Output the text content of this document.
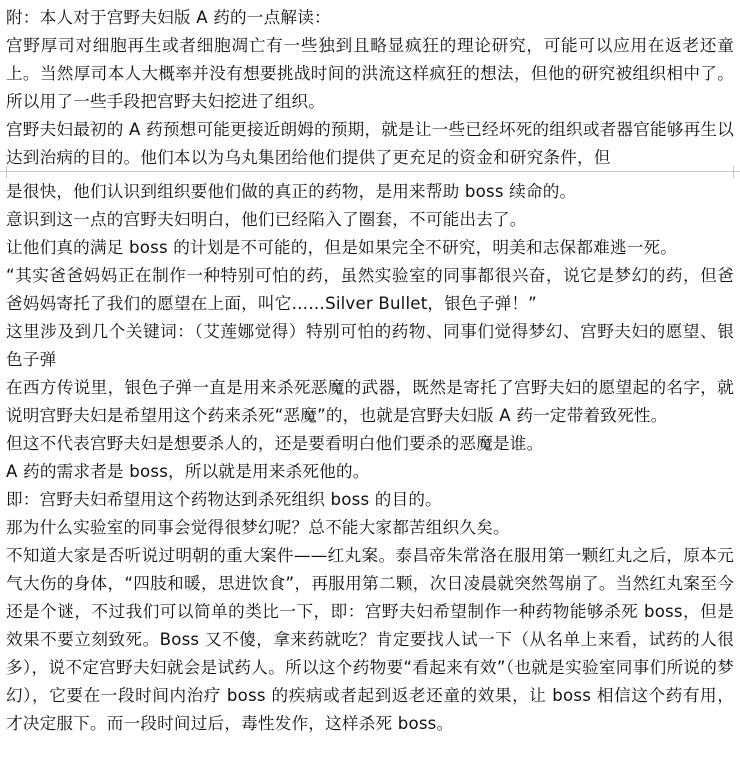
附：本人对于宫野夫妇版 A 药的一点解读：

宫野厚司对细胞再生或者细胞凋亡有一些独到且略显疯狂的理论研究，可能可以应用在返老还童上。当然厚司本人大概率并没有想要挑战时间的洪流这样疯狂的想法，但他的研究被组织相中了。所以用了一些手段把宫野夫妇挖进了组织。

宫野夫妇最初的 A 药预想可能更接近朗姆的预期，就是让一些已经坏死的组织或者器官能够再生以达到治病的目的。他们本以为乌丸集团给他们提供了更充足的资金和研究条件，但

是很快，他们认识到组织要他们做的真正的药物，是用来帮助 boss 续命的。

意识到这一点的宫野夫妇明白，他们已经陷入了圈套，不可能出去了。

让他们真的满足 boss 的计划是不可能的，但是如果完全不研究，明美和志保都难逃一死。

“其实爸爸妈妈正在制作一种特别可怕的药，虽然实验室的同事都很兴奋，说它是梦幻的药，但爸爸妈妈寄托了我们的愿望在上面，叫它……Silver Bullet，银色子弹！”

这里涉及到几个关键词：（艾莲娜觉得）特别可怕的药物、同事们觉得梦幻、宫野夫妇的愿望、银色子弹

在西方传说里，银色子弹一直是用来杀死恶魔的武器，既然是寄托了宫野夫妇的愿望起的名字，就说明宫野夫妇是希望用这个药来杀死“恶魔”的，也就是宫野夫妇版 A 药一定带着致死性。

但这不代表宫野夫妇是想要杀人的，还是要看明白他们要杀的恶魔是谁。

A 药的需求者是 boss，所以就是用来杀死他的。

即：宫野夫妇希望用这个药物达到杀死组织 boss 的目的。

那为什么实验室的同事会觉得很梦幻呢？总不能大家都苦组织久矣。

不知道大家是否听说过明朝的重大案件——红丸案。泰昌帝朱常洛在服用第一颗红丸之后，原本元气大伤的身体，“四肢和暖，思进饮食”，再服用第二颗，次日凌晨就突然驾崩了。当然红丸案至今还是个谜，不过我们可以简单的类比一下，即：宫野夫妇希望制作一种药物能够杀死 boss，但是效果不要立刻致死。Boss 又不傻，拿来药就吃？肯定要找人试一下（从名单上来看，试药的人很多），说不定宫野夫妇就会是试药人。所以这个药物要“看起来有效”（也就是实验室同事们所说的梦幻），它要在一段时间内治疗 boss 的疾病或者起到返老还童的效果，让 boss 相信这个药有用，才决定服下。而一段时间过后，毒性发作，这样杀死 boss。
